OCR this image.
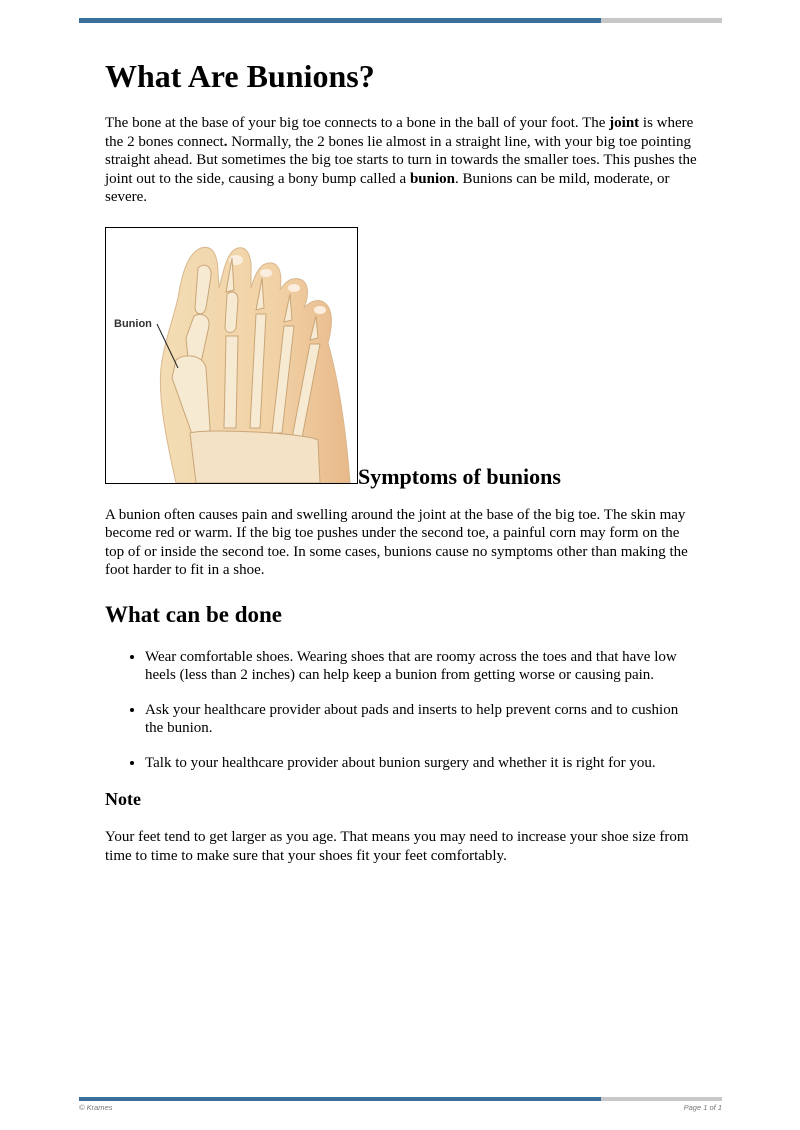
What Are Bunions?

The bone at the base of your big toe connects to a bone in the ball of your foot. The joint is where the 2 bones connect. Normally, the 2 bones lie almost in a straight line, with your big toe pointing straight ahead. But sometimes the big toe starts to turn in towards the smaller toes. This pushes the joint out to the side, causing a bony bump called a bunion. Bunions can be mild, moderate, or severe.

Bunion
Symptoms of bunions

A bunion often causes pain and swelling around the joint at the base of the big toe. The skin may become red or warm. If the big toe pushes under the second toe, a painful corn may form on the top of or inside the second toe. In some cases, bunions cause no symptoms other than making the foot harder to fit in a shoe.

What can be done
• Wear comfortable shoes. Wearing shoes that are roomy across the toes and that have low heels (less than 2 inches) can help keep a bunion from getting worse or causing pain.
• Ask your healthcare provider about pads and inserts to help prevent corns and to cushion the bunion.
• Talk to your healthcare provider about bunion surgery and whether it is right for you.
Note

Your feet tend to get larger as you age. That means you may need to increase your shoe size from time to time to make sure that your shoes fit your feet comfortably.

© Krames	Page 1 of 1
